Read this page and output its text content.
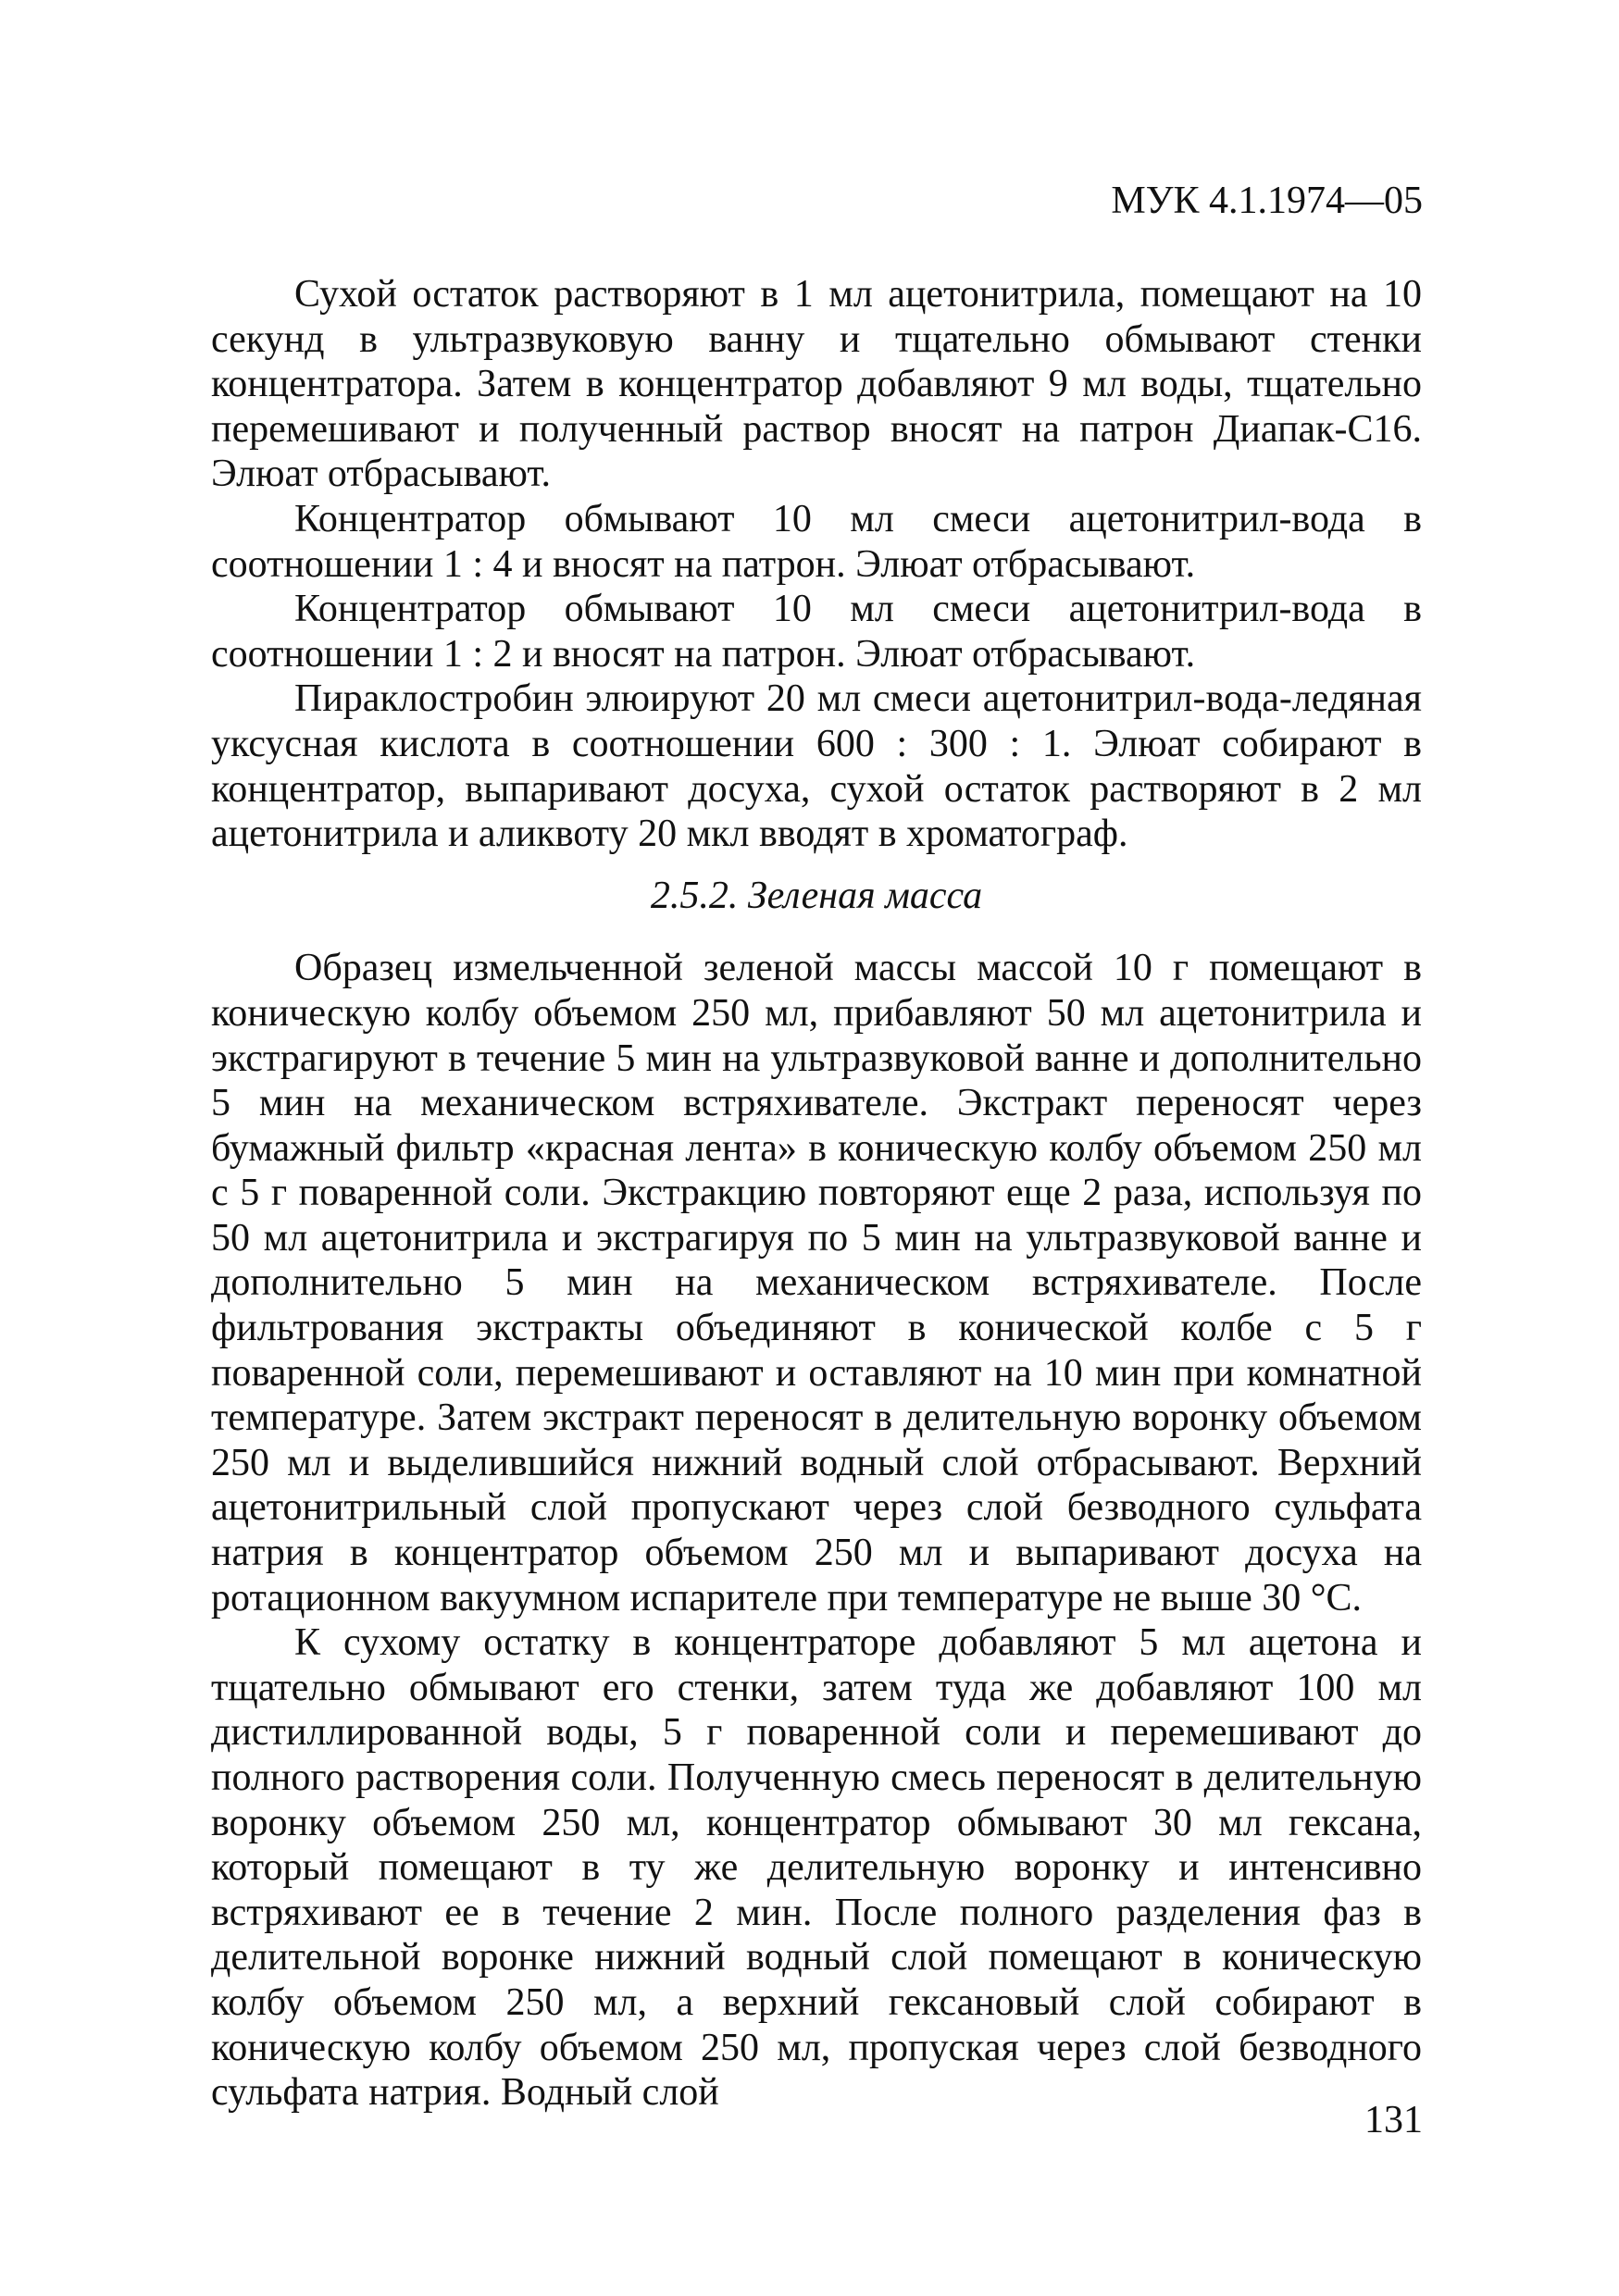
МУК 4.1.1974—05

Сухой остаток растворяют в 1 мл ацетонитрила, помещают на 10 секунд в ультразвуковую ванну и тщательно обмывают стенки концентратора. Затем в концентратор добавляют 9 мл воды, тщательно перемешивают и полученный раствор вносят на патрон Диапак-С16. Элюат отбрасывают.

Концентратор обмывают 10 мл смеси ацетонитрил-вода в соотношении 1 : 4 и вносят на патрон. Элюат отбрасывают.

Концентратор обмывают 10 мл смеси ацетонитрил-вода в соотношении 1 : 2 и вносят на патрон. Элюат отбрасывают.

Пираклостробин элюируют 20 мл смеси ацетонитрил-вода-ледяная уксусная кислота в соотношении 600 : 300 : 1. Элюат собирают в концентратор, выпаривают досуха, сухой остаток растворяют в 2 мл ацетонитрила и аликвоту 20 мкл вводят в хроматограф.

2.5.2. Зеленая масса

Образец измельченной зеленой массы массой 10 г помещают в коническую колбу объемом 250 мл, прибавляют 50 мл ацетонитрила и экстрагируют в течение 5 мин на ультразвуковой ванне и дополнительно 5 мин на механическом встряхивателе. Экстракт переносят через бумажный фильтр «красная лента» в коническую колбу объемом 250 мл с 5 г поваренной соли. Экстракцию повторяют еще 2 раза, используя по 50 мл ацетонитрила и экстрагируя по 5 мин на ультразвуковой ванне и дополнительно 5 мин на механическом встряхивателе. После фильтрования экстракты объединяют в конической колбе с 5 г поваренной соли, перемешивают и оставляют на 10 мин при комнатной температуре. Затем экстракт переносят в делительную воронку объемом 250 мл и выделившийся нижний водный слой отбрасывают. Верхний ацетонитрильный слой пропускают через слой безводного сульфата натрия в концентратор объемом 250 мл и выпаривают досуха на ротационном вакуумном испарителе при температуре не выше 30 °С.

К сухому остатку в концентраторе добавляют 5 мл ацетона и тщательно обмывают его стенки, затем туда же добавляют 100 мл дистиллированной воды, 5 г поваренной соли и перемешивают до полного растворения соли. Полученную смесь переносят в делительную воронку объемом 250 мл, концентратор обмывают 30 мл гексана, который помещают в ту же делительную воронку и интенсивно встряхивают ее в течение 2 мин. После полного разделения фаз в делительной воронке нижний водный слой помещают в коническую колбу объемом 250 мл, а верхний гексановый слой собирают в коническую колбу объемом 250 мл, пропуская через слой безводного сульфата натрия. Водный слой

131
